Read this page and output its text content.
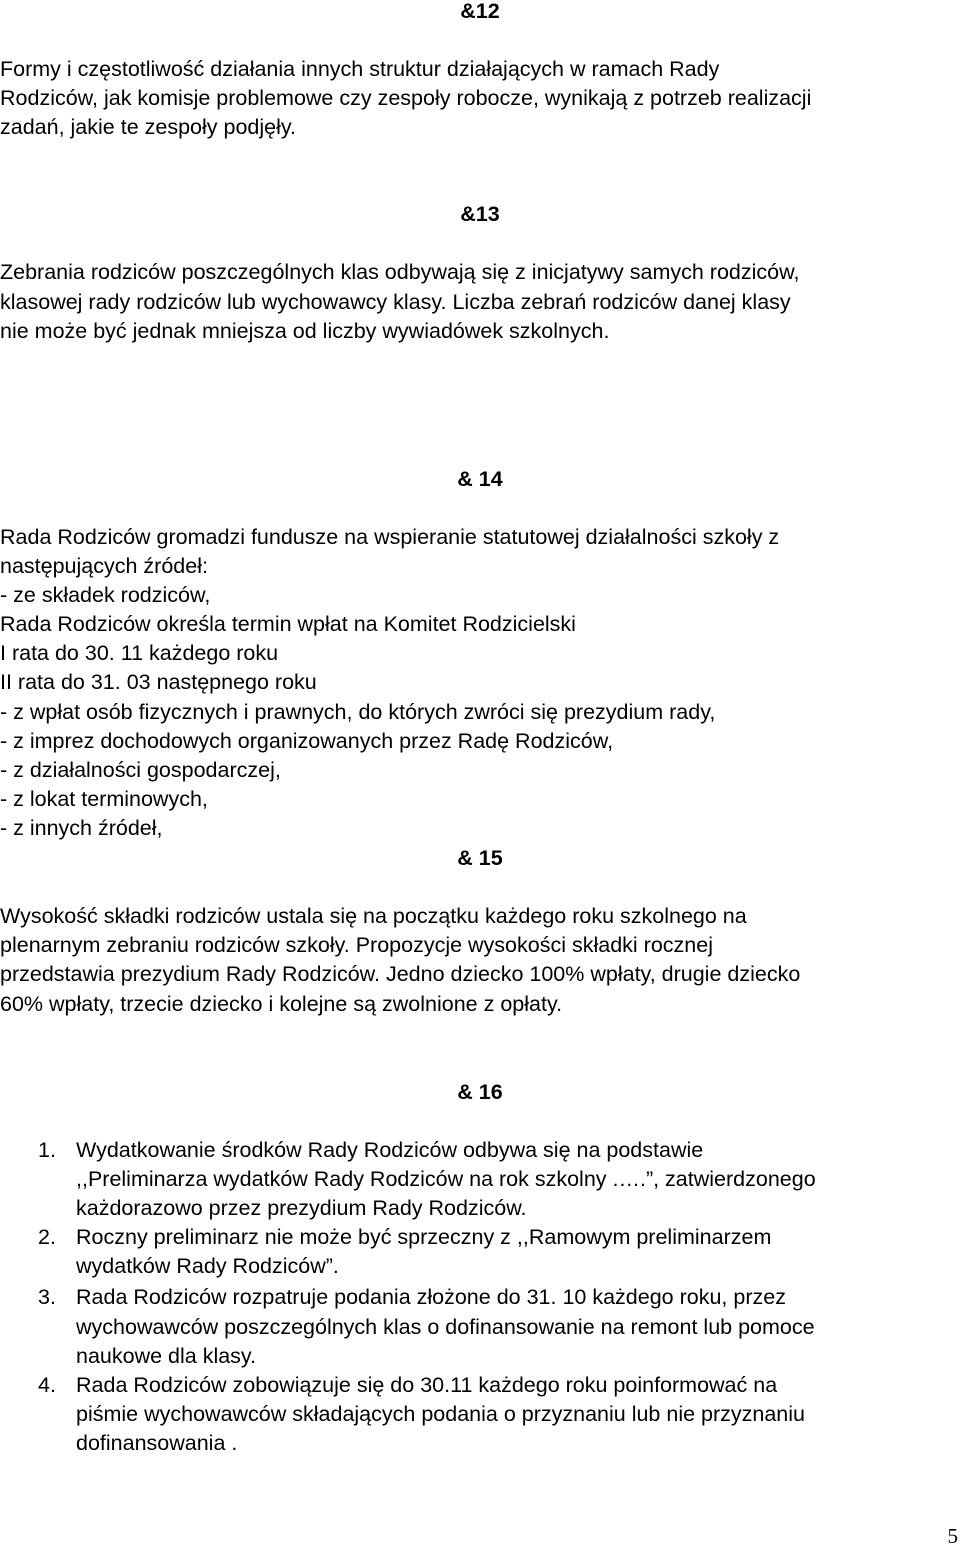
&12
Formy i częstotliwość działania innych struktur działających w ramach Rady
Rodziców, jak komisje problemowe czy zespoły robocze, wynikają z potrzeb realizacji
zadań, jakie te zespoły podjęły.
&13
Zebrania rodziców poszczególnych klas odbywają się z inicjatywy samych rodziców,
klasowej rady rodziców lub wychowawcy klasy. Liczba zebrań rodziców danej klasy
nie może być jednak mniejsza od liczby wywiadówek szkolnych.
& 14
Rada Rodziców gromadzi fundusze na wspieranie statutowej działalności szkoły z
następujących źródeł:
- ze składek rodziców,
Rada Rodziców określa termin wpłat na Komitet Rodzicielski
I rata do 30. 11 każdego roku
II rata do 31. 03 następnego roku
- z wpłat osób fizycznych i prawnych, do których zwróci się prezydium rady,
- z imprez dochodowych organizowanych przez Radę Rodziców,
- z działalności gospodarczej,
- z lokat terminowych,
- z innych źródeł,
& 15
Wysokość składki rodziców ustala się na początku każdego roku szkolnego na
plenarnym zebraniu rodziców szkoły. Propozycje wysokości składki rocznej
przedstawia prezydium Rady Rodziców. Jedno dziecko 100% wpłaty, drugie dziecko
60% wpłaty, trzecie dziecko i kolejne są zwolnione z opłaty.
& 16
1. Wydatkowanie środków Rady Rodziców odbywa się na podstawie
,,Preliminarza wydatków Rady Rodziców na rok szkolny .….”, zatwierdzonego
każdorazowo przez prezydium Rady Rodziców.
2. Roczny preliminarz nie może być sprzeczny z ,,Ramowym preliminarzem
wydatków Rady Rodziców”.
3. Rada Rodziców rozpatruje podania złożone do 31. 10 każdego roku, przez
wychowawców poszczególnych klas o dofinansowanie na remont lub pomoce
naukowe dla klasy.
4. Rada Rodziców zobowiązuje się do 30.11 każdego roku poinformować na
piśmie wychowawców składających podania o przyznaniu lub nie przyznaniu
dofinansowania .
5
